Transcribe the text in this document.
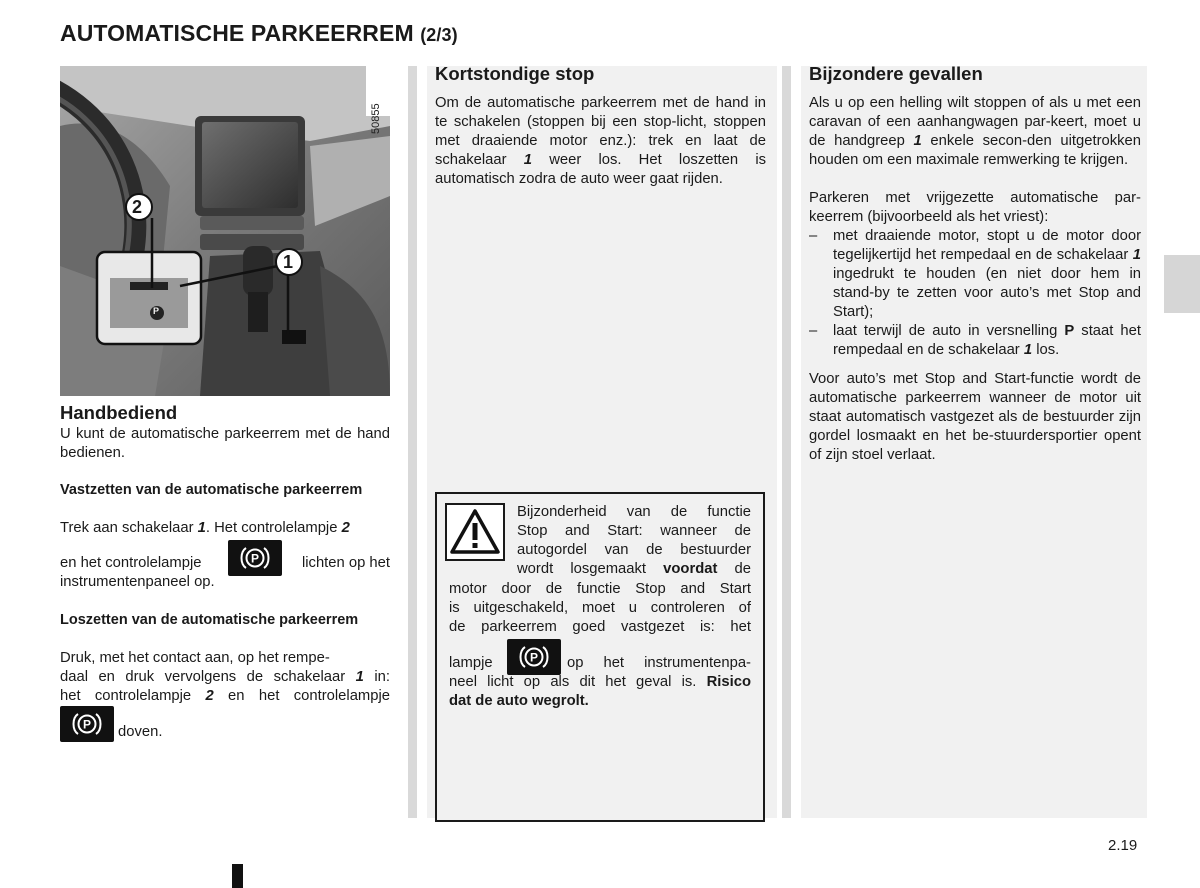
AUTOMATISCHE PARKEERREM (2/3)
50855
2
1
P
Handbediend
U kunt de automatische parkeerrem met de hand bedienen.
Vastzetten van de automatische parkeerrem
Trek aan schakelaar 1. Het controlelampje 2
en het controlelampje	P	lichten op het
instrumentenpaneel op.
Loszetten van de automatische parkeerrem
Druk, met het contact aan, op het rempe-
daal en druk vervolgens de schakelaar 1 in:
het controlelampje 2 en het controlelampje
P doven.
Kortstondige stop
Om de automatische parkeerrem met de hand in te schakelen (stoppen bij een stop-licht, stoppen met draaiende motor enz.): trek en laat de schakelaar 1 weer los. Het loszetten is automatisch zodra de auto weer gaat rijden.
Bijzonderheid van de functie
Stop and Start: wanneer de
autogordel van de bestuurder
wordt losgemaakt voordat de
motor door de functie Stop and Start
is uitgeschakeld, moet u controleren of
de parkeerrem goed vastgezet is: het
lampje	P op het instrumentenpa-
neel licht op als dit het geval is. Risico
dat de auto wegrolt.
Bijzondere gevallen
Als u op een helling wilt stoppen of als u met een caravan of een aanhangwagen par-keert, moet u de handgreep 1 enkele secon-den uitgetrokken houden om een maximale remwerking te krijgen.
Parkeren met vrijgezette automatische par-keerrem (bijvoorbeeld als het vriest):
– met draaiende motor, stopt u de motor door tegelijkertijd het rempedaal en de schakelaar 1 ingedrukt te houden (en niet door hem in stand-by te zetten voor auto’s met Stop and Start);
– laat terwijl de auto in versnelling P staat het rempedaal en de schakelaar 1 los.
Voor auto’s met Stop and Start-functie wordt de automatische parkeerrem wanneer de motor uit staat automatisch vastgezet als de bestuurder zijn gordel losmaakt en het be-stuurdersportier opent of zijn stoel verlaat.
2.19
